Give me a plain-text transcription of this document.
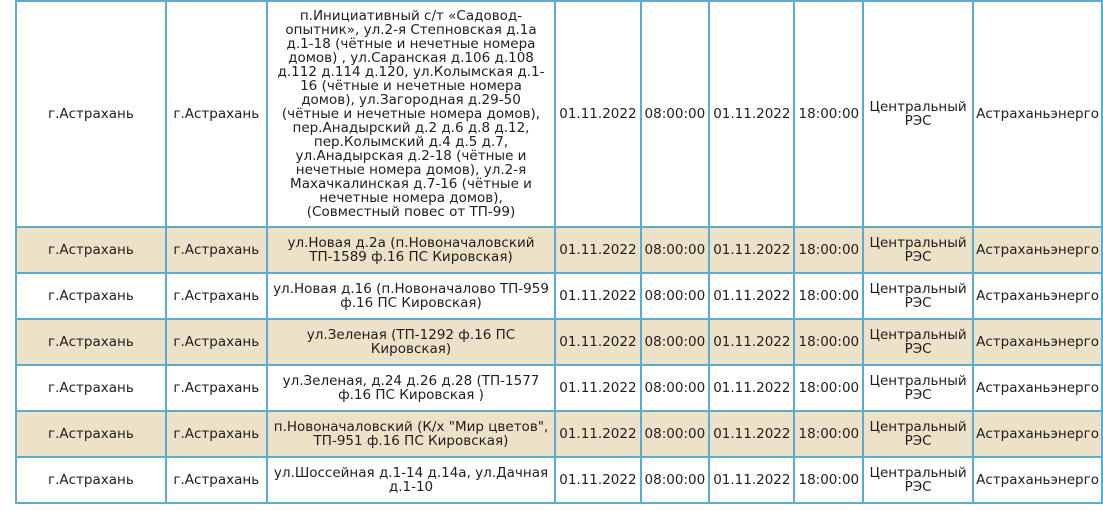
г.Астрахань	г.Астрахань	п.Инициативный с/т «Садовод-опытник», ул.2-я Степновская д.1а д.1-18 (чётные и нечетные номера домов) , ул.Саранская д.106 д.108 д.112 д.114 д.120, ул.Колымская д.1-16 (чётные и нечетные номера домов), ул.Загородная д.29-50 (чётные и нечетные номера домов), пер.Анадырский д.2 д.6 д.8 д.12, пер.Колымский д.4 д.5 д.7, ул.Анадырская д.2-18 (чётные и нечетные номера домов), ул.2-я Махачкалинская д.7-16 (чётные и нечетные номера домов), (Совместный повес от ТП-99)	01.11.2022	08:00:00	01.11.2022	18:00:00	Центральный РЭС	Астраханьэнерго
г.Астрахань	г.Астрахань	ул.Новая д.2а (п.Новоначаловский ТП-1589 ф.16 ПС Кировская)	01.11.2022	08:00:00	01.11.2022	18:00:00	Центральный РЭС	Астраханьэнерго
г.Астрахань	г.Астрахань	ул.Новая д.16 (п.Новоначалово ТП-959 ф.16 ПС Кировская)	01.11.2022	08:00:00	01.11.2022	18:00:00	Центральный РЭС	Астраханьэнерго
г.Астрахань	г.Астрахань	ул.Зеленая (ТП-1292 ф.16 ПС Кировская)	01.11.2022	08:00:00	01.11.2022	18:00:00	Центральный РЭС	Астраханьэнерго
г.Астрахань	г.Астрахань	ул.Зеленая, д.24 д.26 д.28 (ТП-1577 ф.16 ПС Кировская )	01.11.2022	08:00:00	01.11.2022	18:00:00	Центральный РЭС	Астраханьэнерго
г.Астрахань	г.Астрахань	п.Новоначаловский (К/х "Мир цветов", ТП-951 ф.16 ПС Кировская)	01.11.2022	08:00:00	01.11.2022	18:00:00	Центральный РЭС	Астраханьэнерго
г.Астрахань	г.Астрахань	ул.Шоссейная д.1-14 д.14а, ул.Дачная д.1-10	01.11.2022	08:00:00	01.11.2022	18:00:00	Центральный РЭС	Астраханьэнерго
